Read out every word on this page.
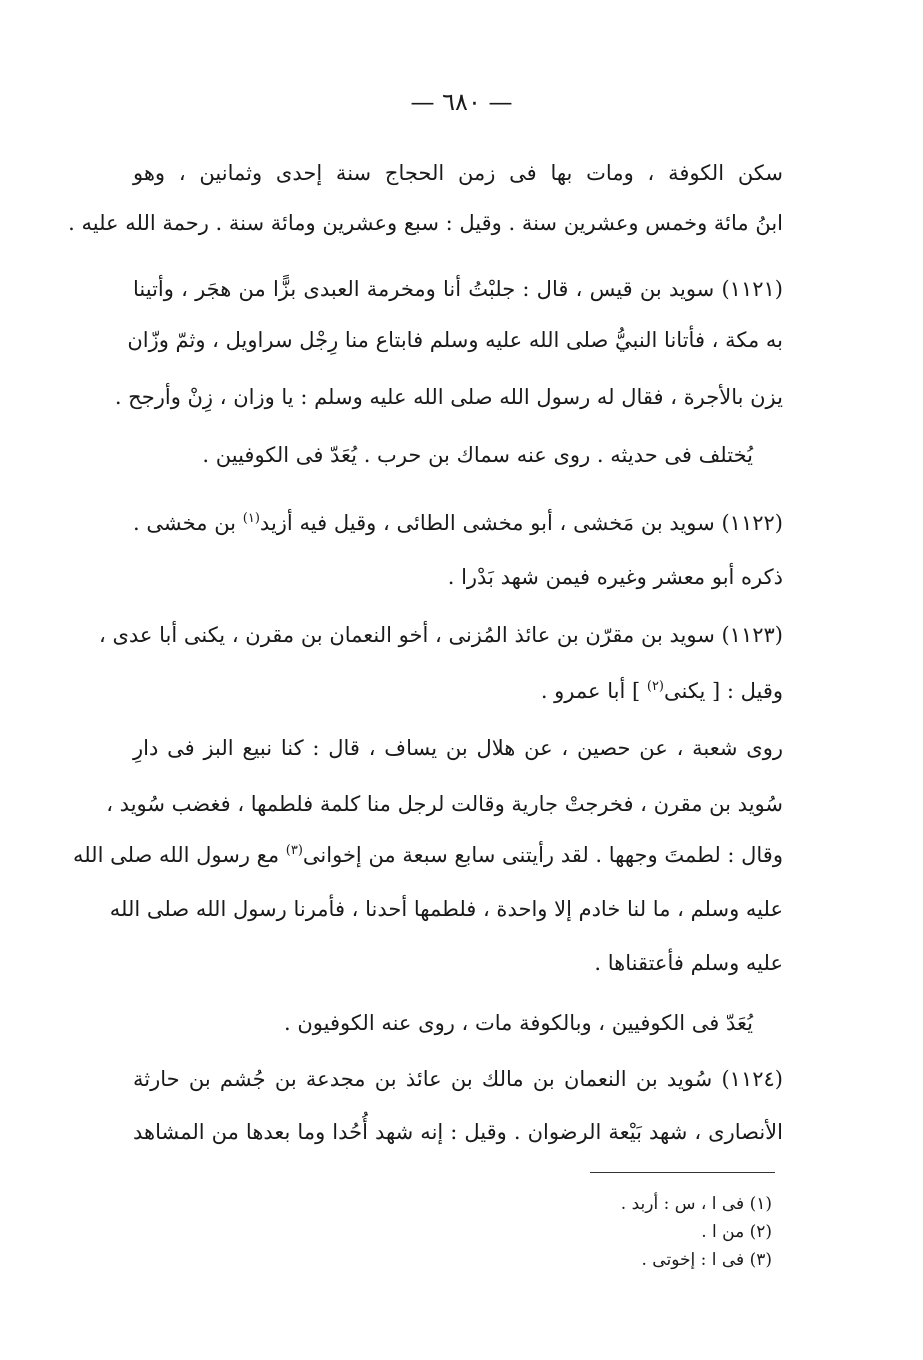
— ٦٨٠ —
سكن الكوفة ، ومات بها فى زمن الحجاج سنة إحدى وثمانين ، وهو
ابنُ مائة وخمس وعشرين سنة . وقيل : سبع وعشرين ومائة سنة . رحمة الله عليه .
(١١٢١) سويد بن قيس ، قال : جلبْتُ أنا ومخرمة العبدى بزًّا من هجَر ، وأتينا
به مكة ، فأتانا النبيُّ صلى الله عليه وسلم فابتاع منا رِجْل سراويل ، وثمّ وزّان
يزن بالأجرة ، فقال له رسول الله صلى الله عليه وسلم : يا وزان ، زِنْ وأرجح .
يُختلف فى حديثه . روى عنه سماك بن حرب . يُعَدّ فى الكوفيين .
(١١٢٢) سويد بن مَخشى ، أبو مخشى الطائى ، وقيل فيه أزيد$^{(١)}$ بن مخشى .
ذكره أبو معشر وغيره فيمن شهد بَدْرا .
(١١٢٣) سويد بن مقرّن بن عائذ المُزنى ، أخو النعمان بن مقرن ، يكنى أبا عدى ،
وقيل : [ يكنى$^{(٢)}$ ] أبا عمرو .
روى شعبة ، عن حصين ، عن هلال بن يساف ، قال : كنا نبيع البز فى دارِ
سُويد بن مقرن ، فخرجتْ جارية وقالت لرجل منا كلمة فلطمها ، فغضب سُويد ،
وقال : لطمتَ وجهها . لقد رأيتنى سابع سبعة من إخوانى$^{(٣)}$ مع رسول الله صلى الله
عليه وسلم ، ما لنا خادم إلا واحدة ، فلطمها أحدنا ، فأمرنا رسول الله صلى الله
عليه وسلم فأعتقناها .
يُعَدّ فى الكوفيين ، وبالكوفة مات ، روى عنه الكوفيون .
(١١٢٤) سُويد بن النعمان بن مالك بن عائذ بن مجدعة بن جُشم بن حارثة
الأنصارى ، شهد بَيْعة الرضوان . وقيل : إنه شهد أُحُدا وما بعدها من المشاهد
(١) فى ا ، س : أربد .
(٢) من ا .
(٣) فى ا : إخوتى .
